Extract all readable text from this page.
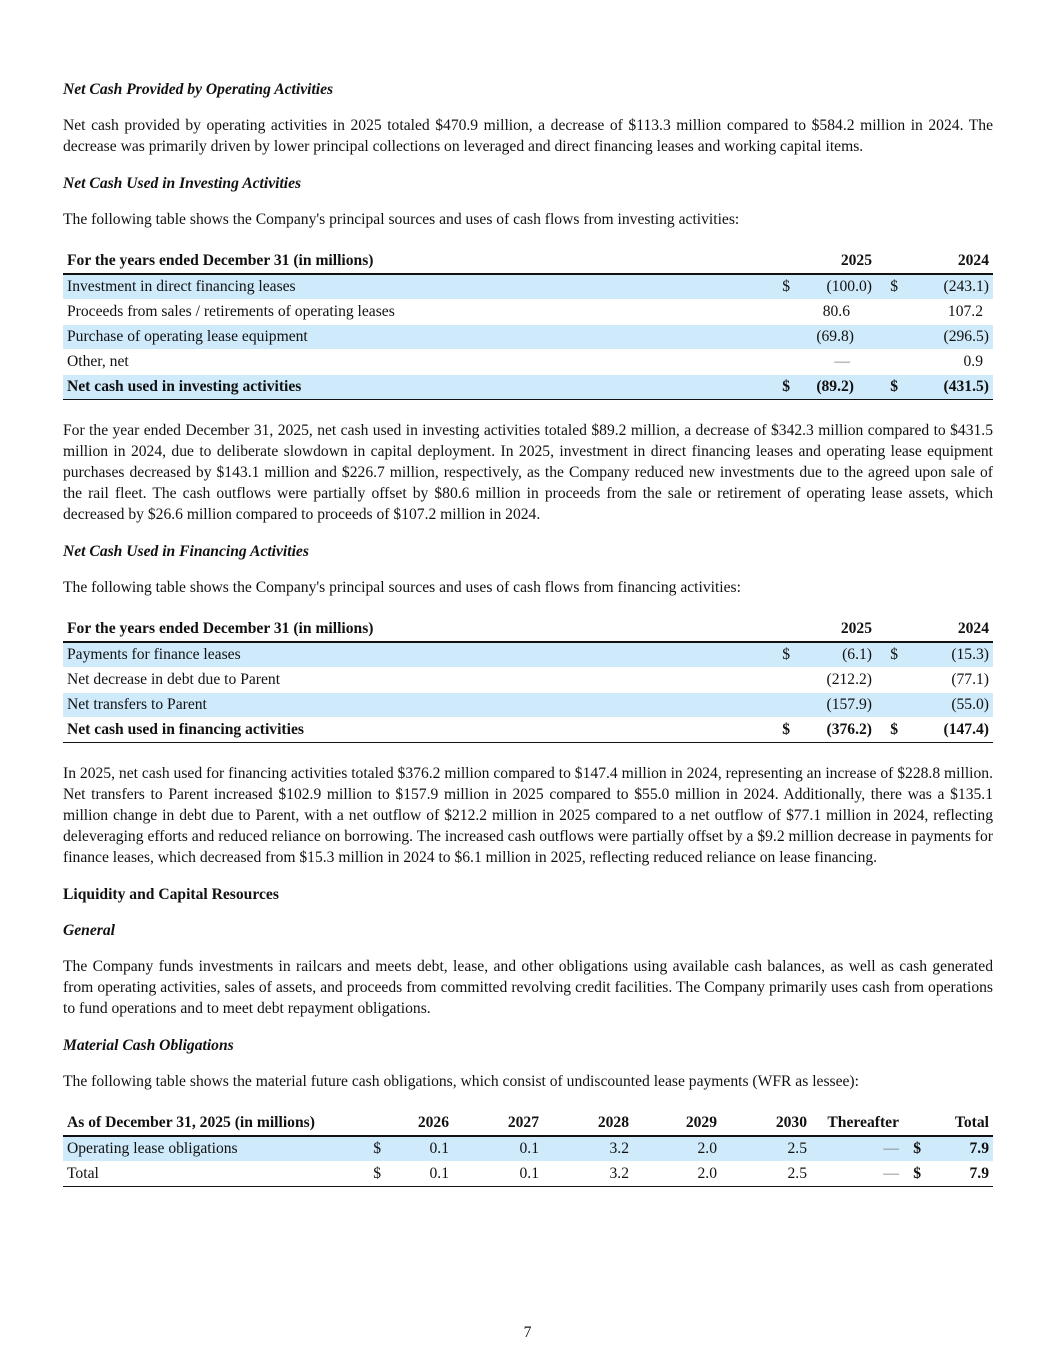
Net Cash Provided by Operating Activities

Net cash provided by operating activities in 2025 totaled $470.9 million, a decrease of $113.3 million compared to $584.2 million in 2024. The decrease was primarily driven by lower principal collections on leveraged and direct financing leases and working capital items.

Net Cash Used in Investing Activities

The following table shows the Company's principal sources and uses of cash flows from investing activities:

For the years ended December 31 (in millions)	2025		2024	
Investment in direct financing leases	$	(100.0)	$	(243.1)
Proceeds from sales / retirements of operating leases		80.6		107.2
Purchase of operating lease equipment		(69.8)		(296.5)
Other, net		—		0.9
Net cash used in investing activities	$	(89.2)	$	(431.5)

For the year ended December 31, 2025, net cash used in investing activities totaled $89.2 million, a decrease of $342.3 million compared to $431.5 million in 2024, due to deliberate slowdown in capital deployment. In 2025, investment in direct financing leases and operating lease equipment purchases decreased by $143.1 million and $226.7 million, respectively, as the Company reduced new investments due to the agreed upon sale of the rail fleet. The cash outflows were partially offset by $80.6 million in proceeds from the sale or retirement of operating lease assets, which decreased by $26.6 million compared to proceeds of $107.2 million in 2024.

Net Cash Used in Financing Activities

The following table shows the Company's principal sources and uses of cash flows from financing activities:

For the years ended December 31 (in millions)	2025		2024	
Payments for finance leases	$	(6.1)	$	(15.3)
Net decrease in debt due to Parent		(212.2)		(77.1)
Net transfers to Parent		(157.9)		(55.0)
Net cash used in financing activities	$	(376.2)	$	(147.4)

In 2025, net cash used for financing activities totaled $376.2 million compared to $147.4 million in 2024, representing an increase of $228.8 million. Net transfers to Parent increased $102.9 million to $157.9 million in 2025 compared to $55.0 million in 2024. Additionally, there was a $135.1 million change in debt due to Parent, with a net outflow of $212.2 million in 2025 compared to a net outflow of $77.1 million in 2024, reflecting deleveraging efforts and reduced reliance on borrowing. The increased cash outflows were partially offset by a $9.2 million decrease in payments for finance leases, which decreased from $15.3 million in 2024 to $6.1 million in 2025, reflecting reduced reliance on lease financing.

Liquidity and Capital Resources
General

The Company funds investments in railcars and meets debt, lease, and other obligations using available cash balances, as well as cash generated from operating activities, sales of assets, and proceeds from committed revolving credit facilities. The Company primarily uses cash from operations to fund operations and to meet debt repayment obligations.

Material Cash Obligations

The following table shows the material future cash obligations, which consist of undiscounted lease payments (WFR as lessee):

As of December 31, 2025 (in millions)	2026		2027	2028	2029	2030	Thereafter	Total	
Operating lease obligations	$	0.1	0.1	3.2	2.0	2.5	—	$	7.9
Total	$	0.1	0.1	3.2	2.0	2.5	—	$	7.9
7
